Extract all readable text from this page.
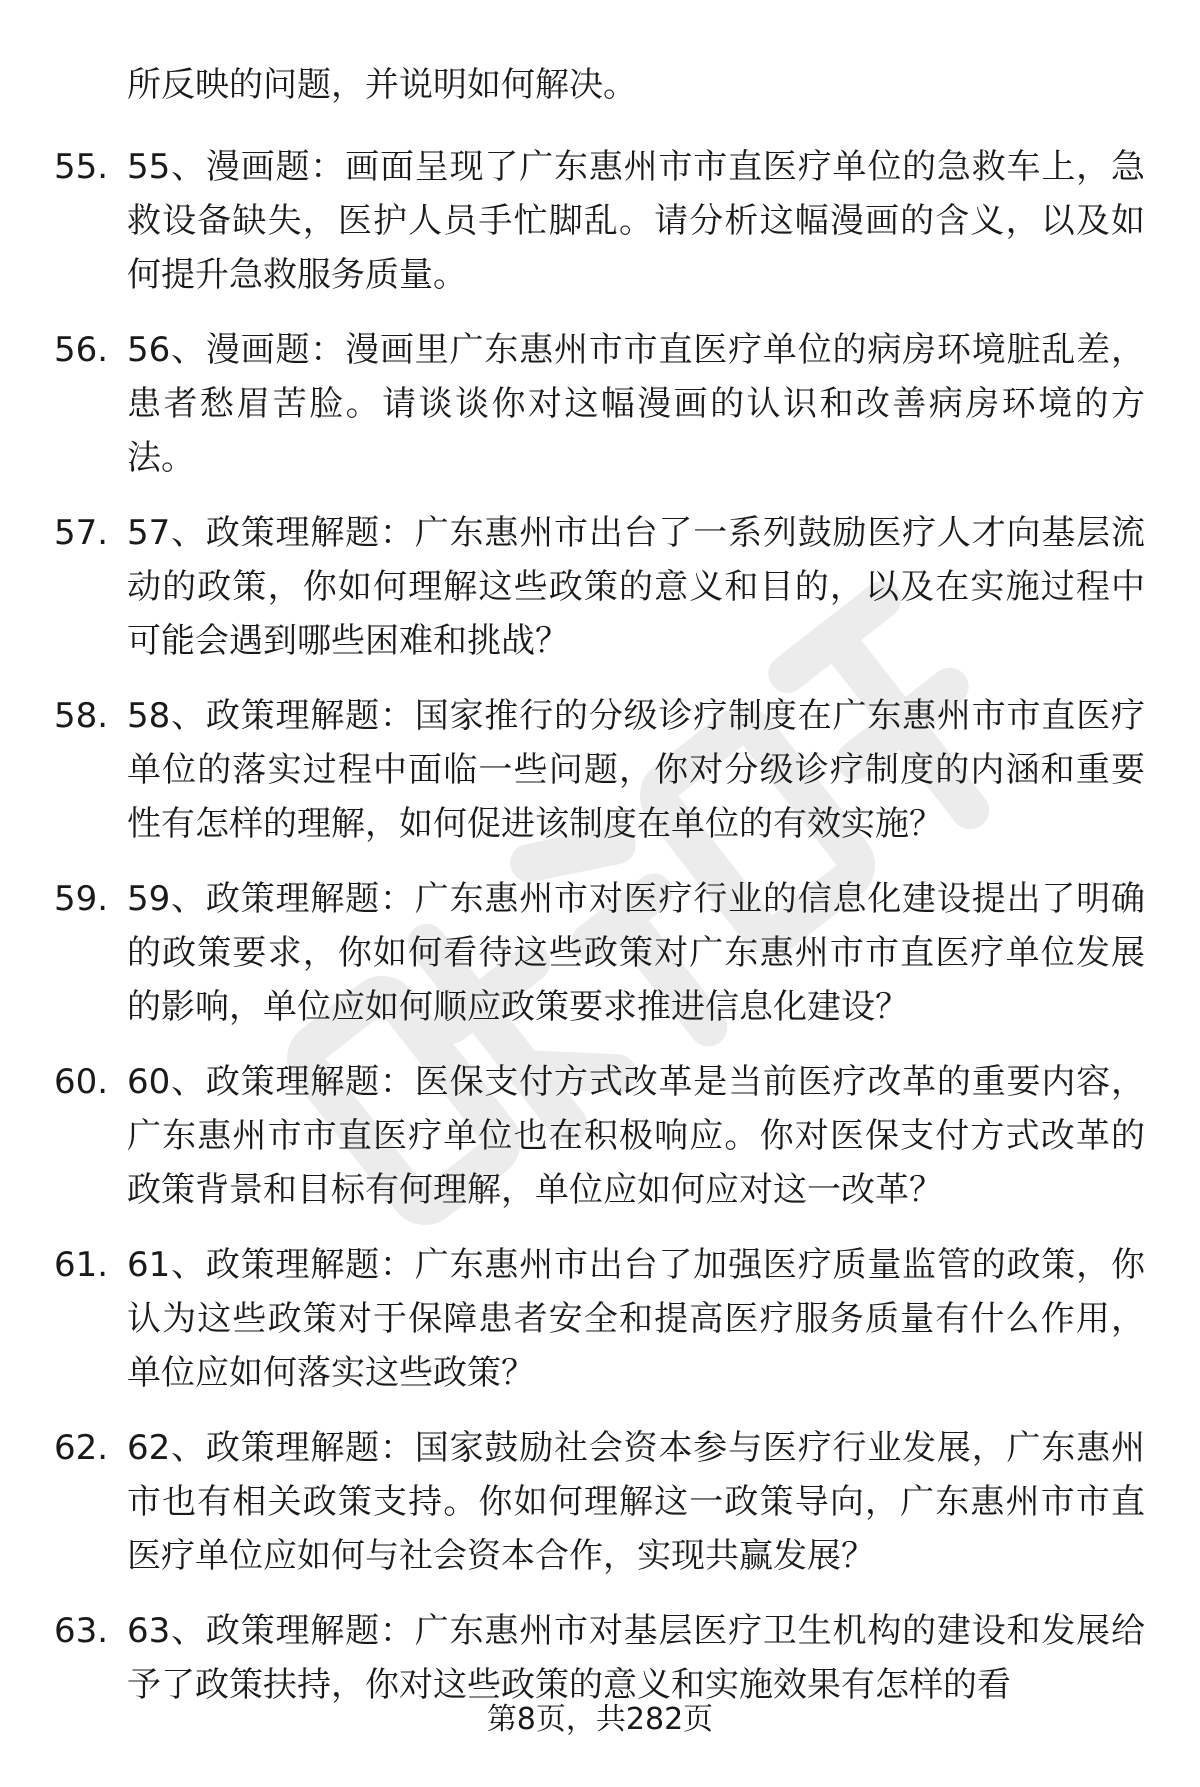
所反映的问题，并说明如何解决。
55. 55、漫画题：画面呈现了广东惠州市市直医疗单位的急救车上，急救设备缺失，医护人员手忙脚乱。请分析这幅漫画的含义，以及如何提升急救服务质量。
56. 56、漫画题：漫画里广东惠州市市直医疗单位的病房环境脏乱差，患者愁眉苦脸。请谈谈你对这幅漫画的认识和改善病房环境的方法。
57. 57、政策理解题：广东惠州市出台了一系列鼓励医疗人才向基层流动的政策，你如何理解这些政策的意义和目的，以及在实施过程中可能会遇到哪些困难和挑战？
58. 58、政策理解题：国家推行的分级诊疗制度在广东惠州市市直医疗单位的落实过程中面临一些问题，你对分级诊疗制度的内涵和重要性有怎样的理解，如何促进该制度在单位的有效实施？
59. 59、政策理解题：广东惠州市对医疗行业的信息化建设提出了明确的政策要求，你如何看待这些政策对广东惠州市市直医疗单位发展的影响，单位应如何顺应政策要求推进信息化建设？
60. 60、政策理解题：医保支付方式改革是当前医疗改革的重要内容，广东惠州市市直医疗单位也在积极响应。你对医保支付方式改革的政策背景和目标有何理解，单位应如何应对这一改革？
61. 61、政策理解题：广东惠州市出台了加强医疗质量监管的政策，你认为这些政策对于保障患者安全和提高医疗服务质量有什么作用，单位应如何落实这些政策？
62. 62、政策理解题：国家鼓励社会资本参与医疗行业发展，广东惠州市也有相关政策支持。你如何理解这一政策导向，广东惠州市市直医疗单位应如何与社会资本合作，实现共赢发展？
63. 63、政策理解题：广东惠州市对基层医疗卫生机构的建设和发展给予了政策扶持，你对这些政策的意义和实施效果有怎样的看
第8页，共282页
